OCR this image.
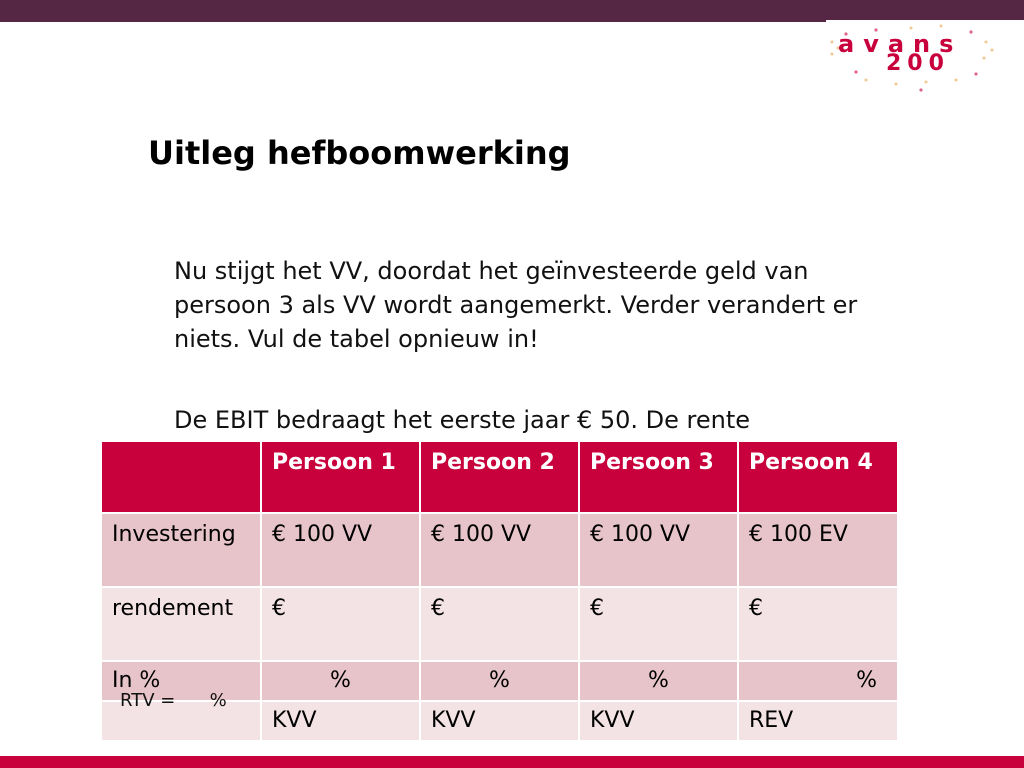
avans
200
Uitleg hefboomwerking
Nu stijgt het VV, doordat het geïnvesteerde geld van persoon 3 als VV wordt aangemerkt. Verder verandert er niets. Vul de tabel opnieuw in!
De EBIT bedraagt het eerste jaar € 50. De rente
	Persoon 1	Persoon 2	Persoon 3	Persoon 4
Investering	€ 100 VV	€ 100 VV	€ 100 VV	€ 100 EV
rendement	€	€	€	€
In %	%	%	%	%
	KVV	KVV	KVV	REV
RTV =      %
